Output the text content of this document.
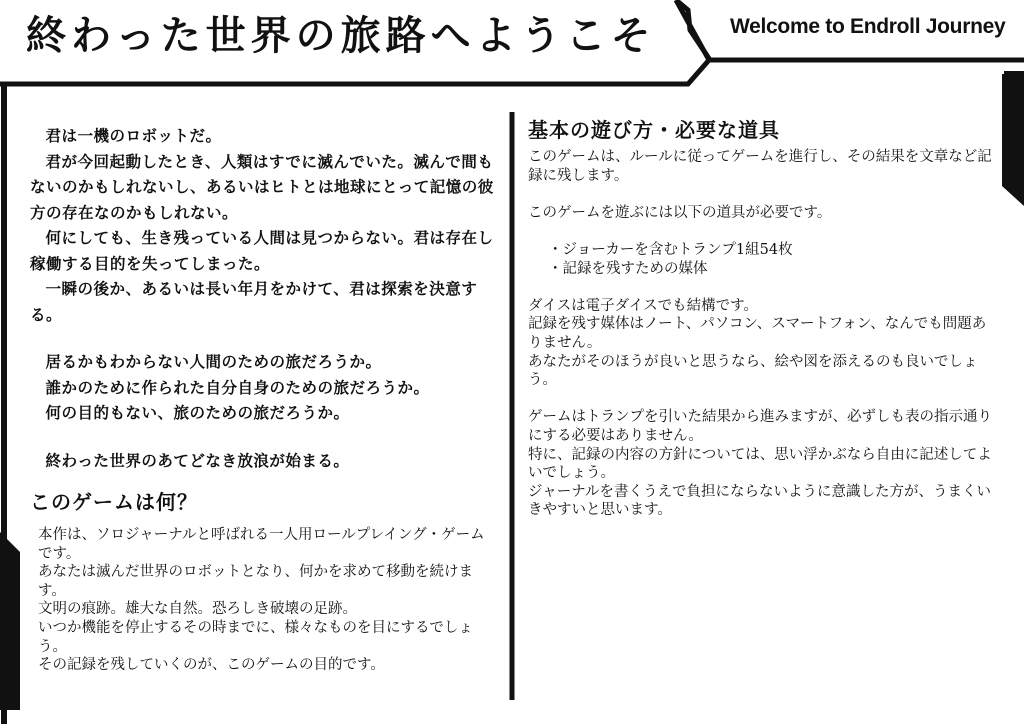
終わった世界の旅路へようこそ	Welcome to Endroll Journey

君は一機のロボットだ。

君が今回起動したとき、人類はすでに滅んでいた。滅んで間もないのかもしれないし、あるいはヒトとは地球にとって記憶の彼方の存在なのかもしれない。

何にしても、生き残っている人間は見つからない。君は存在し稼働する目的を失ってしまった。

一瞬の後か、あるいは長い年月をかけて、君は探索を決意する。

居るかもわからない人間のための旅だろうか。

誰かのために作られた自分自身のための旅だろうか。

何の目的もない、旅のための旅だろうか。

終わった世界のあてどなき放浪が始まる。

このゲームは何？

本作は、ソロジャーナルと呼ばれる一人用ロールプレイング・ゲームです。

あなたは滅んだ世界のロボットとなり、何かを求めて移動を続けます。

文明の痕跡。雄大な自然。恐ろしき破壊の足跡。

いつか機能を停止するその時までに、様々なものを目にするでしょう。

その記録を残していくのが、このゲームの目的です。

基本の遊び方・必要な道具

このゲームは、ルールに従ってゲームを進行し、その結果を文章など記録に残します。

このゲームを遊ぶには以下の道具が必要です。

・ジョーカーを含むトランプ1組54枚

・記録を残すための媒体

ダイスは電子ダイスでも結構です。

記録を残す媒体はノート、パソコン、スマートフォン、なんでも問題ありません。

あなたがそのほうが良いと思うなら、絵や図を添えるのも良いでしょう。

ゲームはトランプを引いた結果から進みますが、必ずしも表の指示通りにする必要はありません。

特に、記録の内容の方針については、思い浮かぶなら自由に記述してよいでしょう。

ジャーナルを書くうえで負担にならないように意識した方が、うまくいきやすいと思います。
